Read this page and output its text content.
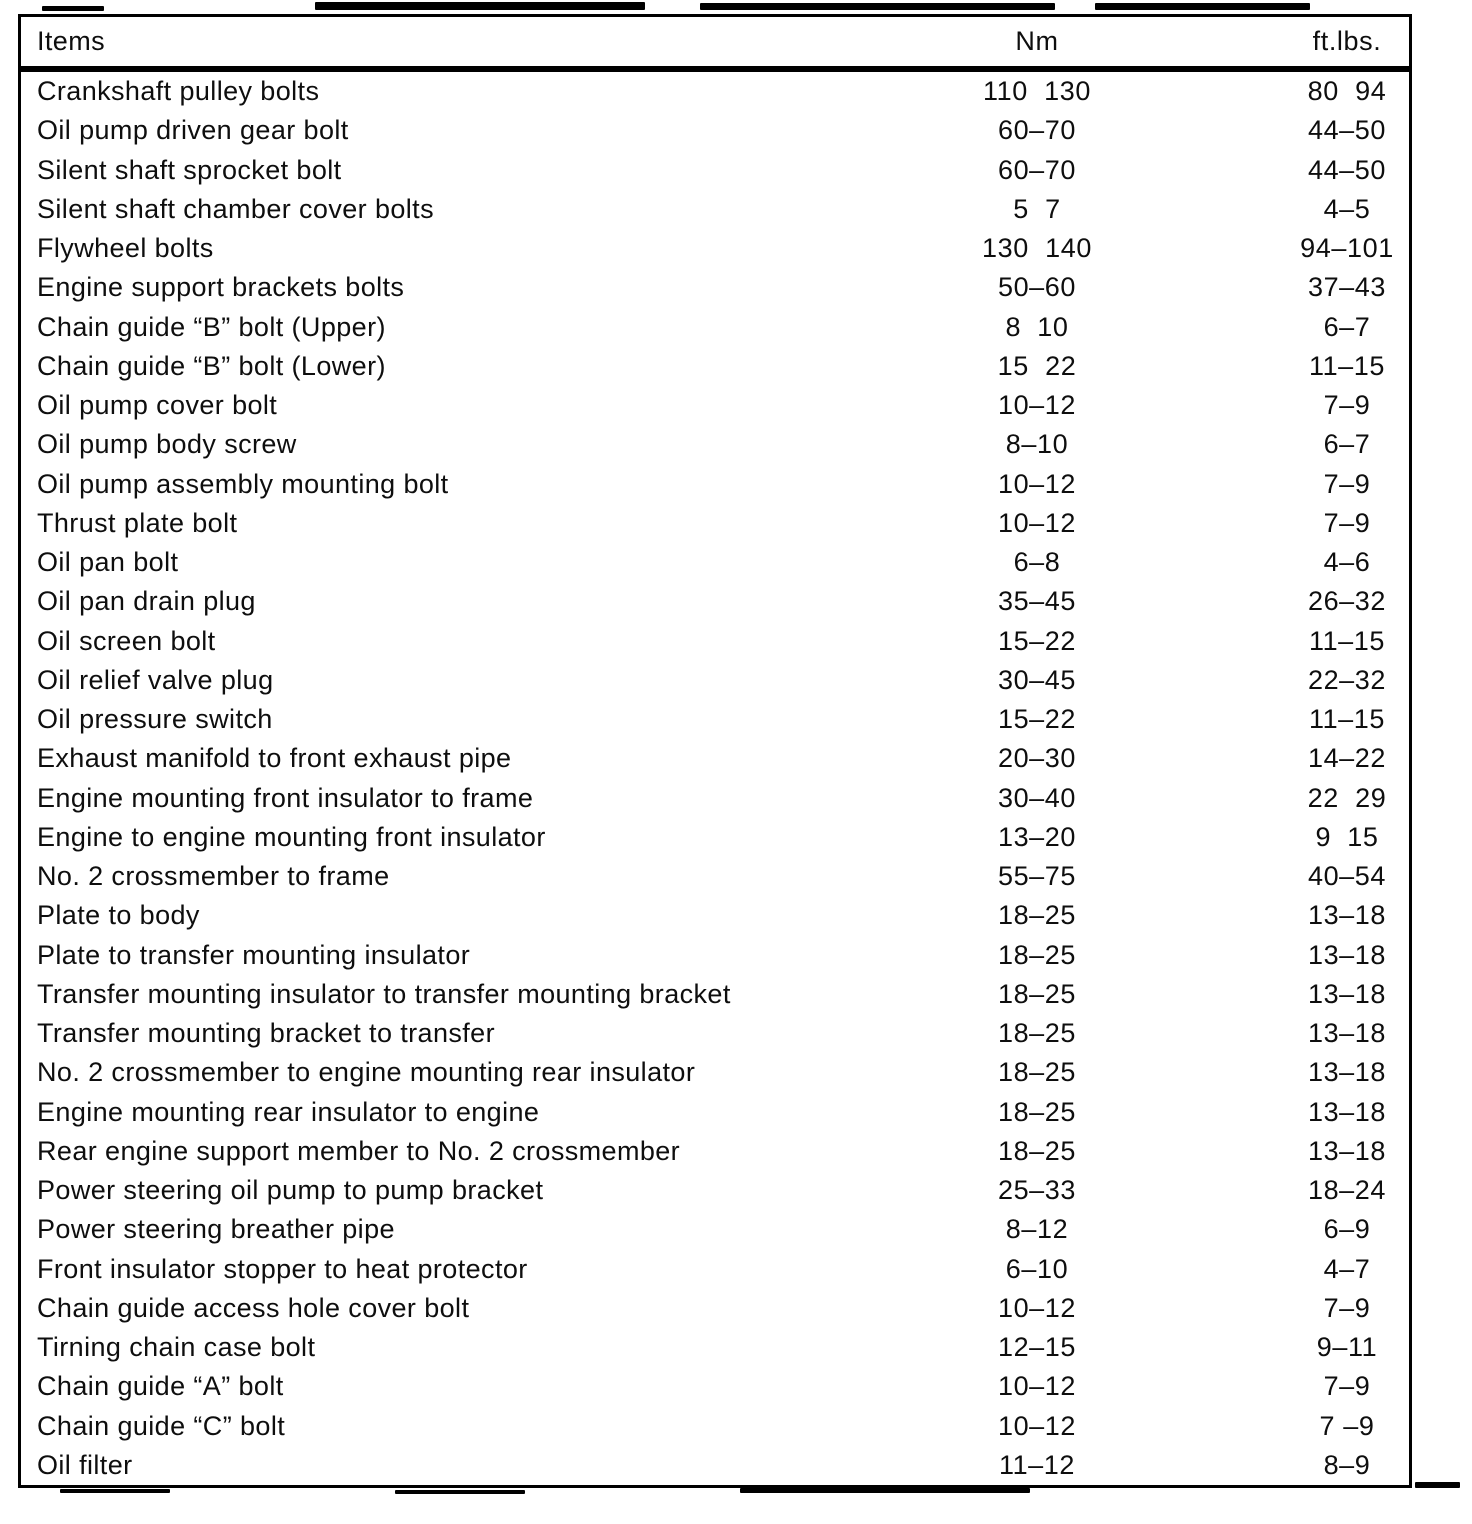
Items	Nm	ft.lbs.
Crankshaft pulley bolts	110  130	80  94
Oil pump driven gear bolt	60–70	44–50
Silent shaft sprocket bolt	60–70	44–50
Silent shaft chamber cover bolts	5  7	4–5
Flywheel bolts	130  140	94–101
Engine support brackets bolts	50–60	37–43
Chain guide “B” bolt (Upper)	8  10	6–7
Chain guide “B” bolt (Lower)	15  22	11–15
Oil pump cover bolt	10–12	7–9
Oil pump body screw	8–10	6–7
Oil pump assembly mounting bolt	10–12	7–9
Thrust plate bolt	10–12	7–9
Oil pan bolt	6–8	4–6
Oil pan drain plug	35–45	26–32
Oil screen bolt	15–22	11–15
Oil relief valve plug	30–45	22–32
Oil pressure switch	15–22	11–15
Exhaust manifold to front exhaust pipe	20–30	14–22
Engine mounting front insulator to frame	30–40	22  29
Engine to engine mounting front insulator	13–20	9  15
No. 2 crossmember to frame	55–75	40–54
Plate to body	18–25	13–18
Plate to transfer mounting insulator	18–25	13–18
Transfer mounting insulator to transfer mounting bracket	18–25	13–18
Transfer mounting bracket to transfer	18–25	13–18
No. 2 crossmember to engine mounting rear insulator	18–25	13–18
Engine mounting rear insulator to engine	18–25	13–18
Rear engine support member to No. 2 crossmember	18–25	13–18
Power steering oil pump to pump bracket	25–33	18–24
Power steering breather pipe	8–12	6–9
Front insulator stopper to heat protector	6–10	4–7
Chain guide access hole cover bolt	10–12	7–9
Tirning chain case bolt	12–15	9–11
Chain guide “A” bolt	10–12	7–9
Chain guide “C” bolt	10–12	7 –9
Oil filter	11–12	8–9
